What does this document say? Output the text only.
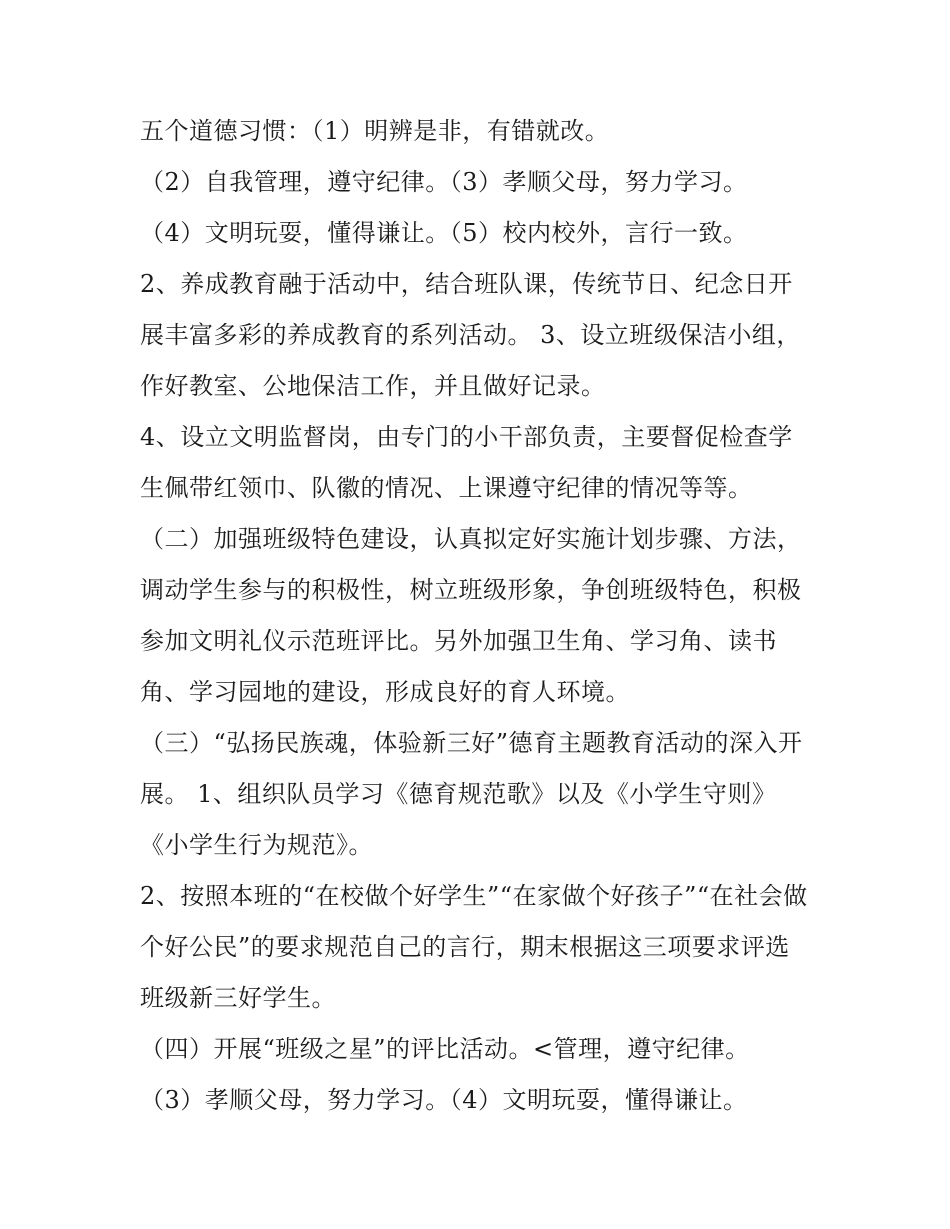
五个道德习惯：（1）明辨是非，有错就改。
（2）自我管理，遵守纪律。（3）孝顺父母，努力学习。
（4）文明玩耍，懂得谦让。（5）校内校外，言行一致。
2、养成教育融于活动中，结合班队课，传统节日、纪念日开
展丰富多彩的养成教育的系列活动。 3、设立班级保洁小组，
作好教室、公地保洁工作，并且做好记录。
4、设立文明监督岗，由专门的小干部负责，主要督促检查学
生佩带红领巾、队徽的情况、上课遵守纪律的情况等等。
（二）加强班级特色建设，认真拟定好实施计划步骤、方法，
调动学生参与的积极性，树立班级形象，争创班级特色，积极
参加文明礼仪示范班评比。另外加强卫生角、学习角、读书
角、学习园地的建设，形成良好的育人环境。
（三）“弘扬民族魂，体验新三好”德育主题教育活动的深入开
展。 1、组织队员学习《德育规范歌》以及《小学生守则》
《小学生行为规范》。
2、按照本班的“在校做个好学生”“在家做个好孩子”“在社会做
个好公民”的要求规范自己的言行，期末根据这三项要求评选
班级新三好学生。
（四）开展“班级之星”的评比活动。<管理，遵守纪律。
（3）孝顺父母，努力学习。（4）文明玩耍，懂得谦让。
